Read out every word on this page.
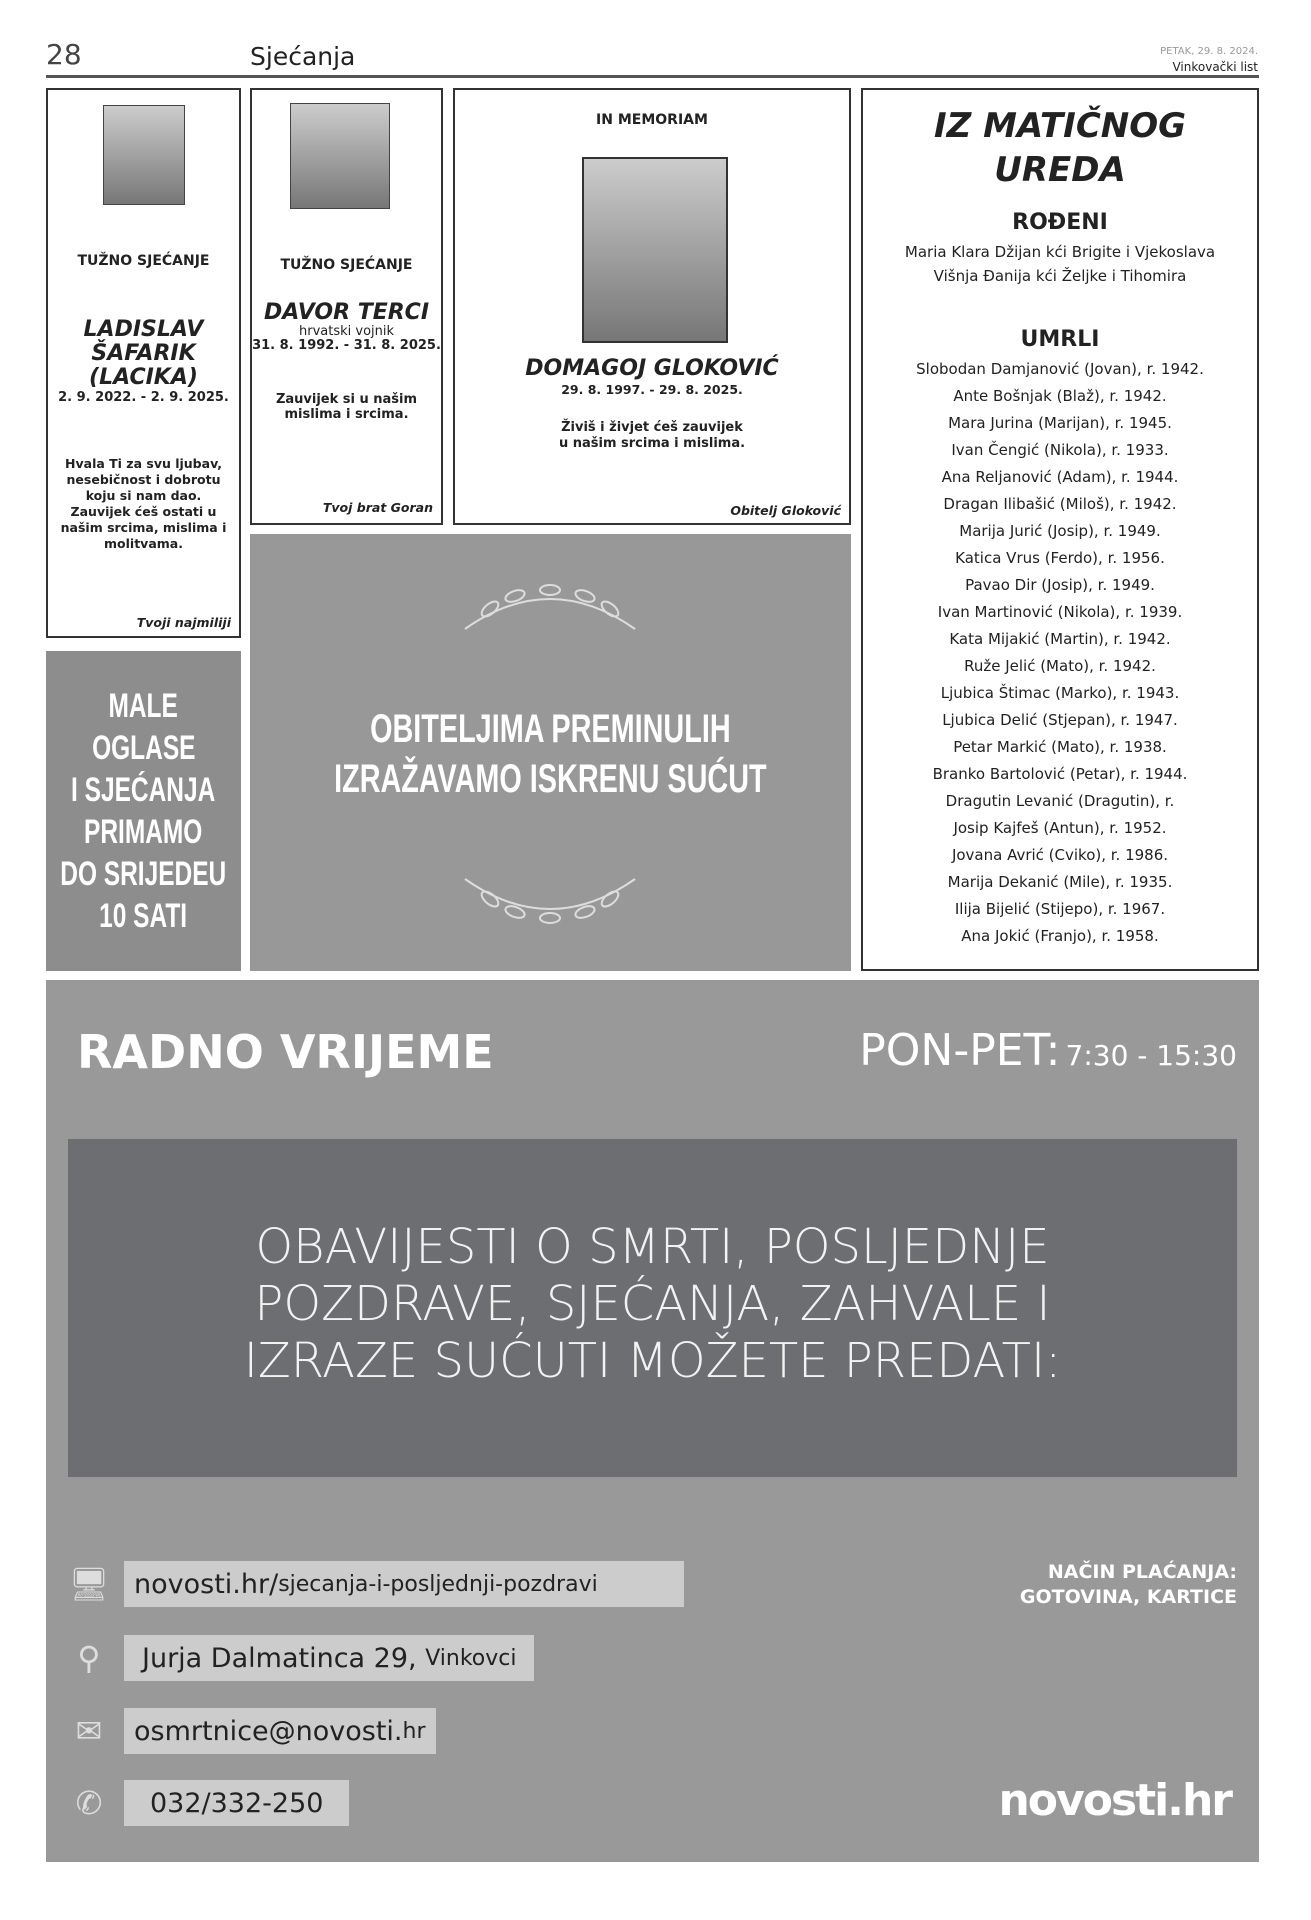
28	Sjećanja	PETAK, 29. 8. 2024.
Vinkovački list
TUŽNO SJEĆANJE
LADISLAV ŠAFARIK (LACIKA)
2. 9. 2022. - 2. 9. 2025.
Hvala Ti za svu ljubav, nesebičnost i dobrotu koju si nam dao. Zauvijek ćeš ostati u našim srcima, mislima i molitvama.
Tvoji najmiliji
TUŽNO SJEĆANJE
DAVOR TERCI
hrvatski vojnik
31. 8. 1992. - 31. 8. 2025.
Zauvijek si u našim mislima i srcima.
Tvoj brat Goran
IN MEMORIAM
DOMAGOJ GLOKOVIĆ
29. 8. 1997. - 29. 8. 2025.
Živiš i živjet ćeš zauvijek u našim srcima i mislima.
Obitelj Gloković
IZ MATIČNOG UREDA
ROĐENI
Maria Klara Džijan kći Brigite i Vjekoslava
Višnja Đanija kći Željke i Tihomira
UMRLI
Slobodan Damjanović (Jovan), r. 1942.
Ante Bošnjak (Blaž), r. 1942.
Mara Jurina (Marijan), r. 1945.
Ivan Čengić (Nikola), r. 1933.
Ana Reljanović (Adam), r. 1944.
Dragan Ilibašić (Miloš), r. 1942.
Marija Jurić (Josip), r. 1949.
Katica Vrus (Ferdo), r. 1956.
Pavao Dir (Josip), r. 1949.
Ivan Martinović (Nikola), r. 1939.
Kata Mijakić (Martin), r. 1942.
Ruže Jelić (Mato), r. 1942.
Ljubica Štimac (Marko), r. 1943.
Ljubica Delić (Stjepan), r. 1947.
Petar Markić (Mato), r. 1938.
Branko Bartolović (Petar), r. 1944.
Dragutin Levanić (Dragutin), r.
Josip Kajfeš (Antun), r. 1952.
Jovana Avrić (Cviko), r. 1986.
Marija Dekanić (Mile), r. 1935.
Ilija Bijelić (Stijepo), r. 1967.
Ana Jokić (Franjo), r. 1958.
MALE
OGLASE
I SJEĆANJA
PRIMAMO
DO SRIJEDEU
10 SATI
OBITELJIMA PREMINULIH
IZRAŽAVAMO ISKRENU SUĆUT
RADNO VRIJEME	PON-PET: 7:30 - 15:30
OBAVIJESTI O SMRTI, POSLJEDNJE
POZDRAVE, SJEĆANJA, ZAHVALE I
IZRAZE SUĆUTI MOŽETE PREDATI:
🖥︎ novosti.hr/ sjecanja-i-posljednji-pozdravi
⚲	Jurja Dalmatinca 29,
Vinkovci
✉	osmrtnice@novosti. hr
✆	032/332-250
NAČIN PLAĆANJA:
GOTOVINA, KARTICE
novosti.hr
